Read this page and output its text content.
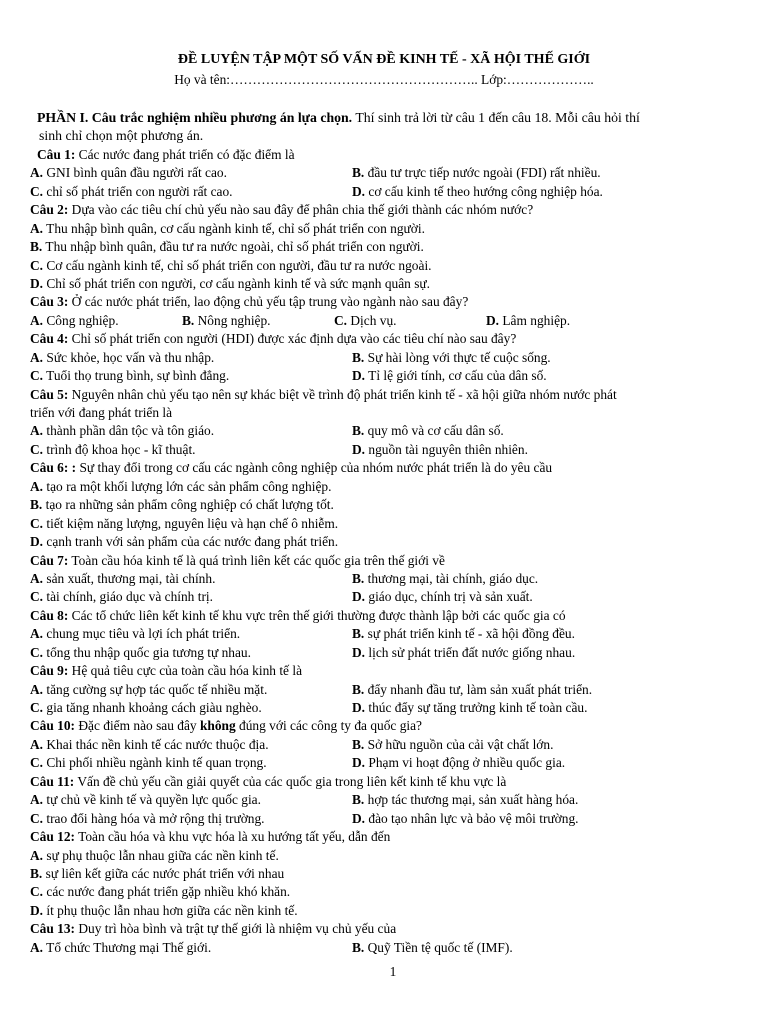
ĐỀ LUYỆN TẬP MỘT SỐ VẤN ĐỀ KINH TẾ - XÃ HỘI THẾ GIỚI
Họ và tên:……………………………………………….. Lớp:………………..
PHẦN I. Câu trắc nghiệm nhiều phương án lựa chọn. Thí sinh trả lời từ câu 1 đến câu 18. Mỗi câu hỏi thí
sinh chỉ chọn một phương án.
Câu 1: Các nước đang phát triển có đặc điểm là
A. GNI bình quân đầu người rất cao.	B. đầu tư trực tiếp nước ngoài (FDI) rất nhiều.
C. chỉ số phát triển con người rất cao.	D. cơ cấu kinh tế theo hướng công nghiệp hóa.
Câu 2: Dựa vào các tiêu chí chủ yếu nào sau đây để phân chia thế giới thành các nhóm nước?
A. Thu nhập bình quân, cơ cấu ngành kinh tế, chỉ số phát triển con người.
B. Thu nhập bình quân, đầu tư ra nước ngoài, chỉ số phát triển con người.
C. Cơ cấu ngành kinh tế, chỉ số phát triển con người, đầu tư ra nước ngoài.
D. Chỉ số phát triển con người, cơ cấu ngành kinh tế và sức mạnh quân sự.
Câu 3: Ở các nước phát triển, lao động chủ yếu tập trung vào ngành nào sau đây?
A. Công nghiệp.	B. Nông nghiệp.	C. Dịch vụ.	D. Lâm nghiệp.
Câu 4: Chỉ số phát triển con người (HDI) được xác định dựa vào các tiêu chí nào sau đây?
A. Sức khỏe, học vấn và thu nhập.	B. Sự hài lòng với thực tế cuộc sống.
C. Tuổi thọ trung bình, sự bình đẳng.	D. Tỉ lệ giới tính, cơ cấu của dân số.
Câu 5: Nguyên nhân chủ yếu tạo nên sự khác biệt về trình độ phát triển kinh tế - xã hội giữa nhóm nước phát
triển với đang phát triển là
A. thành phần dân tộc và tôn giáo.	B. quy mô và cơ cấu dân số.
C. trình độ khoa học - kĩ thuật.	D. nguồn tài nguyên thiên nhiên.
Câu 6: : Sự thay đổi trong cơ cấu các ngành công nghiệp của nhóm nước phát triển là do yêu cầu
A. tạo ra một khối lượng lớn các sản phẩm công nghiệp.
B. tạo ra những sản phẩm công nghiệp có chất lượng tốt.
C. tiết kiệm năng lượng, nguyên liệu và hạn chế ô nhiễm.
D. cạnh tranh với sản phẩm của các nước đang phát triển.
Câu 7: Toàn cầu hóa kinh tế là quá trình liên kết các quốc gia trên thế giới về
A. sản xuất, thương mại, tài chính.	B. thương mại, tài chính, giáo dục.
C. tài chính, giáo dục và chính trị.	D. giáo dục, chính trị và sản xuất.
Câu 8: Các tổ chức liên kết kinh tế khu vực trên thế giới thường được thành lập bởi các quốc gia có
A. chung mục tiêu và lợi ích phát triển.	B. sự phát triển kinh tế - xã hội đồng đều.
C. tổng thu nhập quốc gia tương tự nhau.	D. lịch sử phát triển đất nước giống nhau.
Câu 9: Hệ quả tiêu cực của toàn cầu hóa kinh tế là
A. tăng cường sự hợp tác quốc tế nhiều mặt.	B. đẩy nhanh đầu tư, làm sản xuất phát triển.
C. gia tăng nhanh khoảng cách giàu nghèo.	D. thúc đẩy sự tăng trưởng kinh tế toàn cầu.
Câu 10: Đặc điểm nào sau đây không đúng với các công ty đa quốc gia?
A. Khai thác nền kinh tế các nước thuộc địa.	B. Sở hữu nguồn của cải vật chất lớn.
C. Chi phối nhiều ngành kinh tế quan trọng.	D. Phạm vi hoạt động ở nhiều quốc gia.
Câu 11: Vấn đề chủ yếu cần giải quyết của các quốc gia trong liên kết kinh tế khu vực là
A. tự chủ về kinh tế và quyền lực quốc gia.	B. hợp tác thương mại, sản xuất hàng hóa.
C. trao đổi hàng hóa và mở rộng thị trường.	D. đào tạo nhân lực và bảo vệ môi trường.
Câu 12: Toàn cầu hóa và khu vực hóa là xu hướng tất yếu, dẫn đến
A. sự phụ thuộc lẫn nhau giữa các nền kinh tế.
B. sự liên kết giữa các nước phát triển với nhau
C. các nước đang phát triển gặp nhiều khó khăn.
D. ít phụ thuộc lẫn nhau hơn giữa các nền kinh tế.
Câu 13: Duy trì hòa bình và trật tự thế giới là nhiệm vụ chủ yếu của
A. Tổ chức Thương mại Thế giới.	B. Quỹ Tiền tệ quốc tế (IMF).
1
